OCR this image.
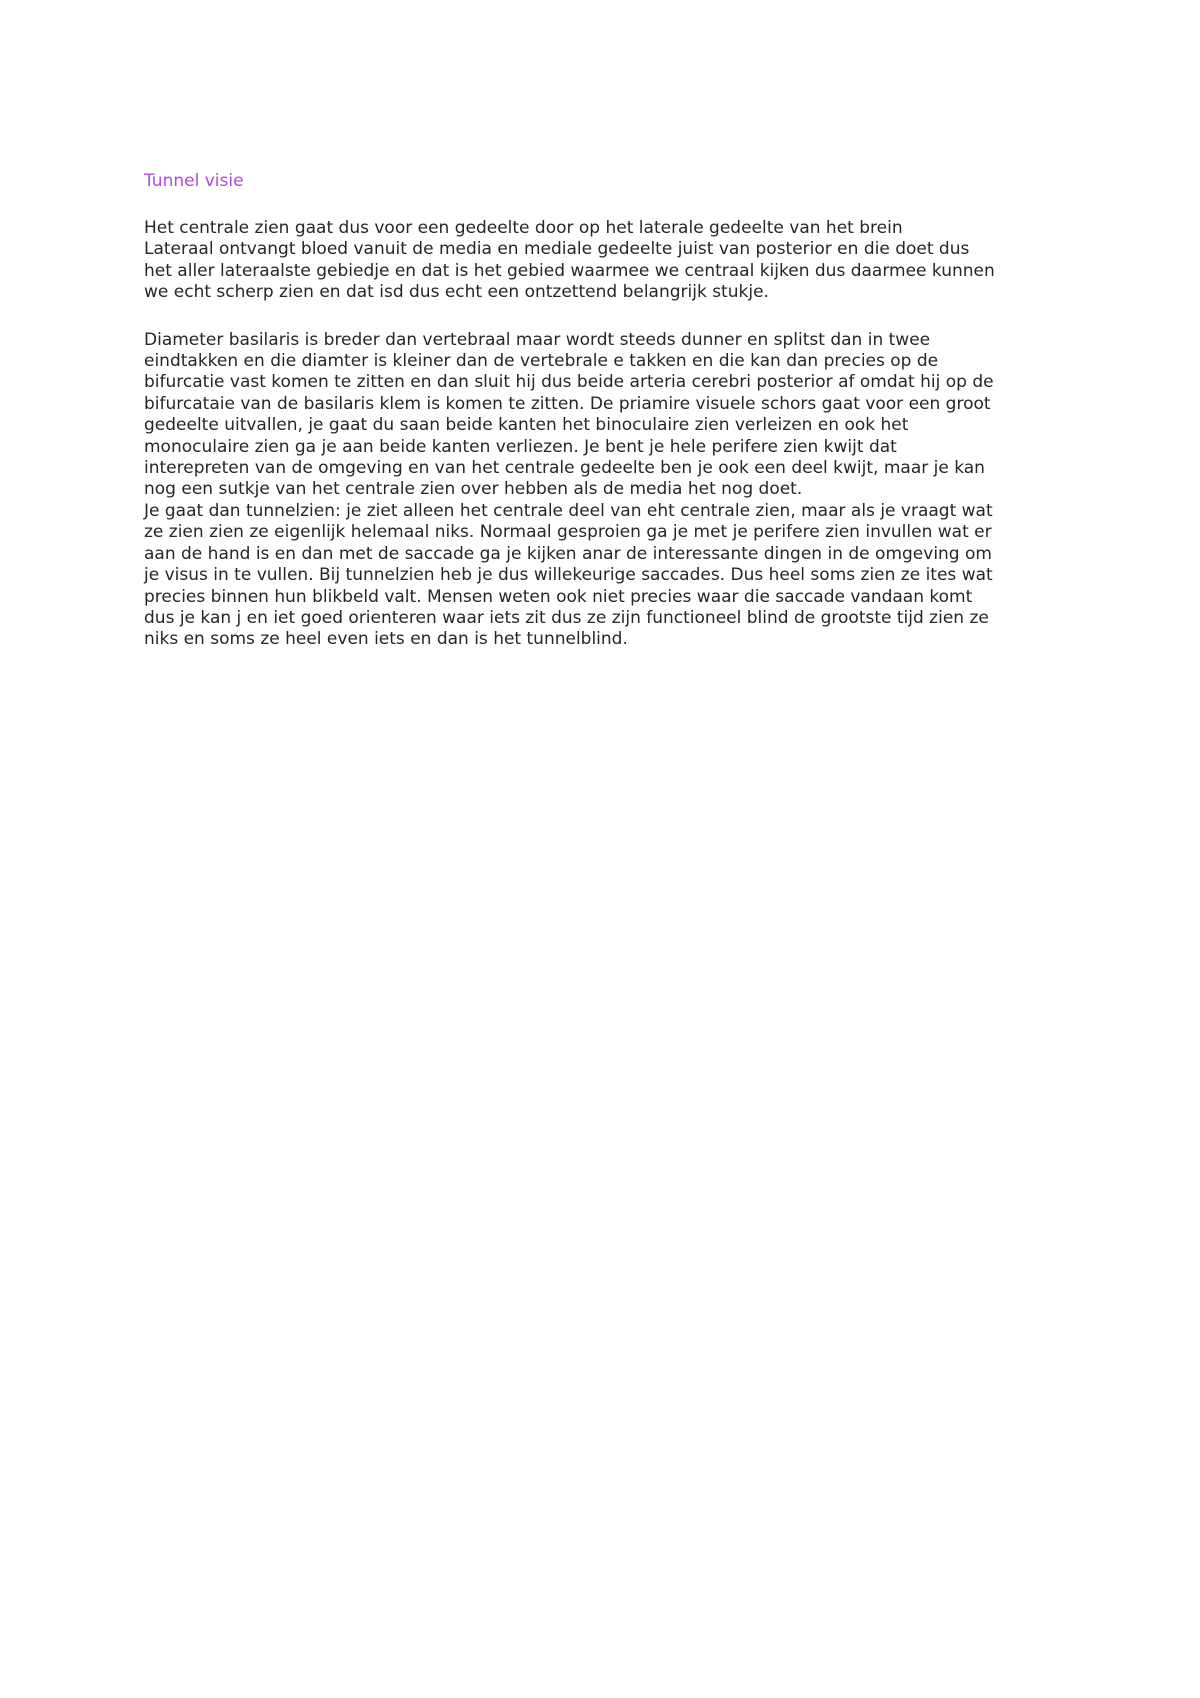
Tunnel visie
Het centrale zien gaat dus voor een gedeelte door op het laterale gedeelte van het brein
Lateraal ontvangt bloed vanuit de media en mediale gedeelte juist van posterior en die doet dus
het aller lateraalste gebiedje en dat is het gebied waarmee we centraal kijken dus daarmee kunnen
we echt scherp zien en dat isd dus echt een ontzettend belangrijk stukje.
Diameter basilaris is breder dan vertebraal maar wordt steeds dunner en splitst dan in twee
eindtakken en die diamter is kleiner dan de vertebrale e takken en die kan dan precies op de
bifurcatie vast komen te zitten en dan sluit hij dus beide arteria cerebri posterior af omdat hij op de
bifurcataie van de basilaris klem is komen te zitten. De priamire visuele schors gaat voor een groot
gedeelte uitvallen, je gaat du saan beide kanten het binoculaire zien verleizen en ook het
monoculaire zien ga je aan beide kanten verliezen. Je bent je hele perifere zien kwijt dat
interepreten van de omgeving en van het centrale gedeelte ben je ook een deel kwijt, maar je kan
nog een sutkje van het centrale zien over hebben als de media het nog doet.
Je gaat dan tunnelzien: je ziet alleen het centrale deel van eht centrale zien, maar als je vraagt wat
ze zien zien ze eigenlijk helemaal niks. Normaal gesproien ga je met je perifere zien invullen wat er
aan de hand is en dan met de saccade ga je kijken anar de interessante dingen in de omgeving om
je visus in te vullen. Bij tunnelzien heb je dus willekeurige saccades. Dus heel soms zien ze ites wat
precies binnen hun blikbeld valt. Mensen weten ook niet precies waar die saccade vandaan komt
dus je kan j en iet goed orienteren waar iets zit dus ze zijn functioneel blind de grootste tijd zien ze
niks en soms ze heel even iets en dan is het tunnelblind.
